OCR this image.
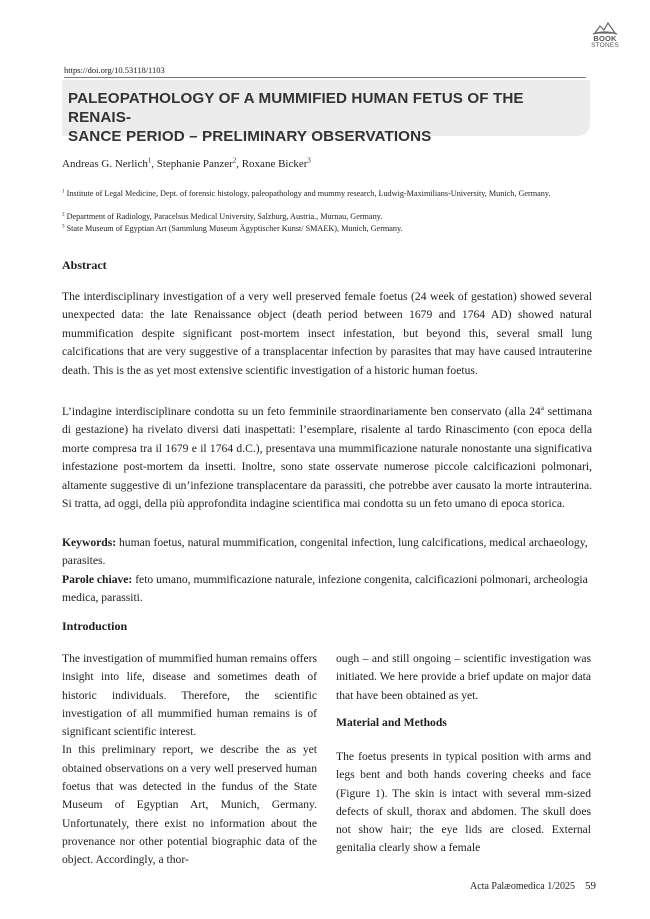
BOOK
STONES
https://doi.org/10.53118/1103
PALEOPATHOLOGY OF A MUMMIFIED HUMAN FETUS OF THE RENAIS-
SANCE PERIOD – PRELIMINARY OBSERVATIONS
Andreas G. Nerlich$^1$, Stephanie Panzer$^2$, Roxane Bicker$^3$
$^1$ Institute of Legal Medicine, Dept. of forensic histology, paleopathology and mummy research, Ludwig-Maximilians-University, Munich, Germany.
$^2$ Department of Radiology, Paracelsus Medical University, Salzburg, Austria., Murnau, Germany.
$^3$ State Museum of Egyptian Art (Sammlung Museum Ägyptischer Kunst/ SMAEK), Munich, Germany.
Abstract
The interdisciplinary investigation of a very well preserved female foetus (24 week of gestation) showed several unexpected data: the late Renaissance object (death period between 1679 and 1764 AD) showed natural mummification despite significant post-mortem insect infestation, but beyond this, several small lung calcifications that are very suggestive of a transplacentar infection by parasites that may have caused intrauterine death. This is the as yet most extensive scientific investigation of a historic human foetus.
L’indagine interdisciplinare condotta su un feto femminile straordinariamente ben conservato (alla 24$^a$ settimana di gestazione) ha rivelato diversi dati inaspettati: l’esemplare, risalente al tardo Rinascimento (con epoca della morte compresa tra il 1679 e il 1764 d.C.), presentava una mummificazione naturale nonostante una significativa infestazione post-mortem da insetti. Inoltre, sono state osservate numerose piccole calcificazioni polmonari, altamente suggestive di un’infezione transplacentare da parassiti, che potrebbe aver causato la morte intrauterina. Si tratta, ad oggi, della più approfondita indagine scientifica mai condotta su un feto umano di epoca storica.
Keywords: human foetus, natural mummification, congenital infection, lung calcifications, medical archaeology, parasites.
Parole chiave: feto umano, mummificazione naturale, infezione congenita, calcificazioni polmonari, archeologia medica, parassiti.
Introduction

The investigation of mummified human remains offers insight into life, disease and sometimes death of historic individuals. Therefore, the scientific investigation of all mummified human remains is of significant scientific interest.

In this preliminary report, we describe the as yet obtained observations on a very well preserved human foetus that was detected in the fundus of the State Museum of Egyptian Art, Munich, Germany. Unfortunately, there exist no information about the provenance nor other potential biographic data of the object. Accordingly, a thor-

Material and Methods
The foetus presents in typical position with arms and legs bent and both hands covering cheeks and face (Figure 1). The skin is intact with several mm-sized defects of skull, thorax and abdomen. The skull does not show hair; the eye lids are closed. External genitalia clearly show a female
Acta Palæomedica 1/2025 59
ough – and still ongoing – scientific investigation was initiated. We here provide a brief update on major data that have been obtained as yet.
